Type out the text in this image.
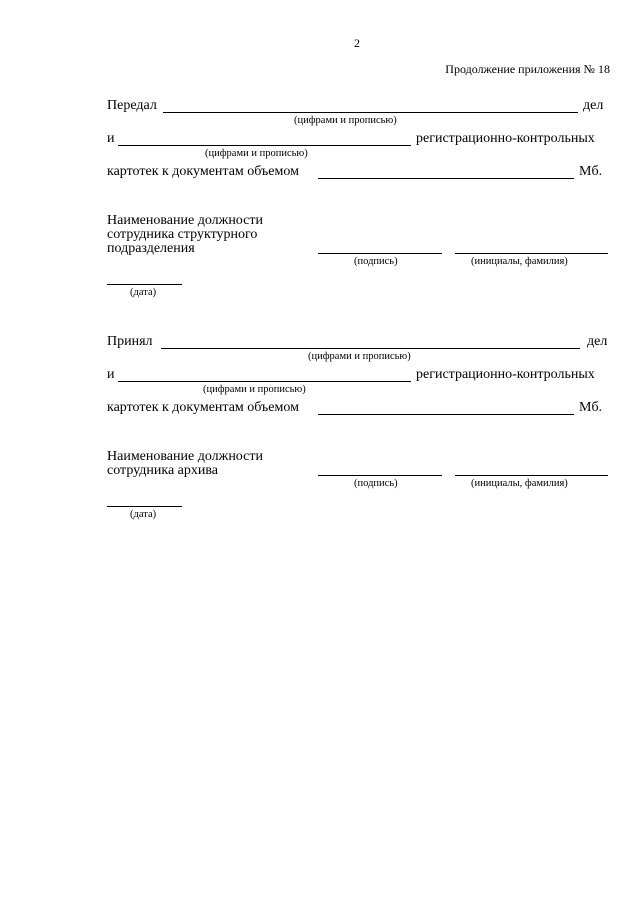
2
Продолжение приложения № 18
Передал	дел
(цифрами и прописью)
и	регистрационно-контрольных
(цифрами и прописью)
картотек к документам объемом	Мб.
Наименование должности
сотрудника структурного
подразделения
(подпись)	(инициалы, фамилия)
(дата)
Принял	дел
(цифрами и прописью)
и	регистрационно-контрольных
(цифрами и прописью)
картотек к документам объемом	Мб.
Наименование должности
сотрудника архива
(подпись)	(инициалы, фамилия)
(дата)
